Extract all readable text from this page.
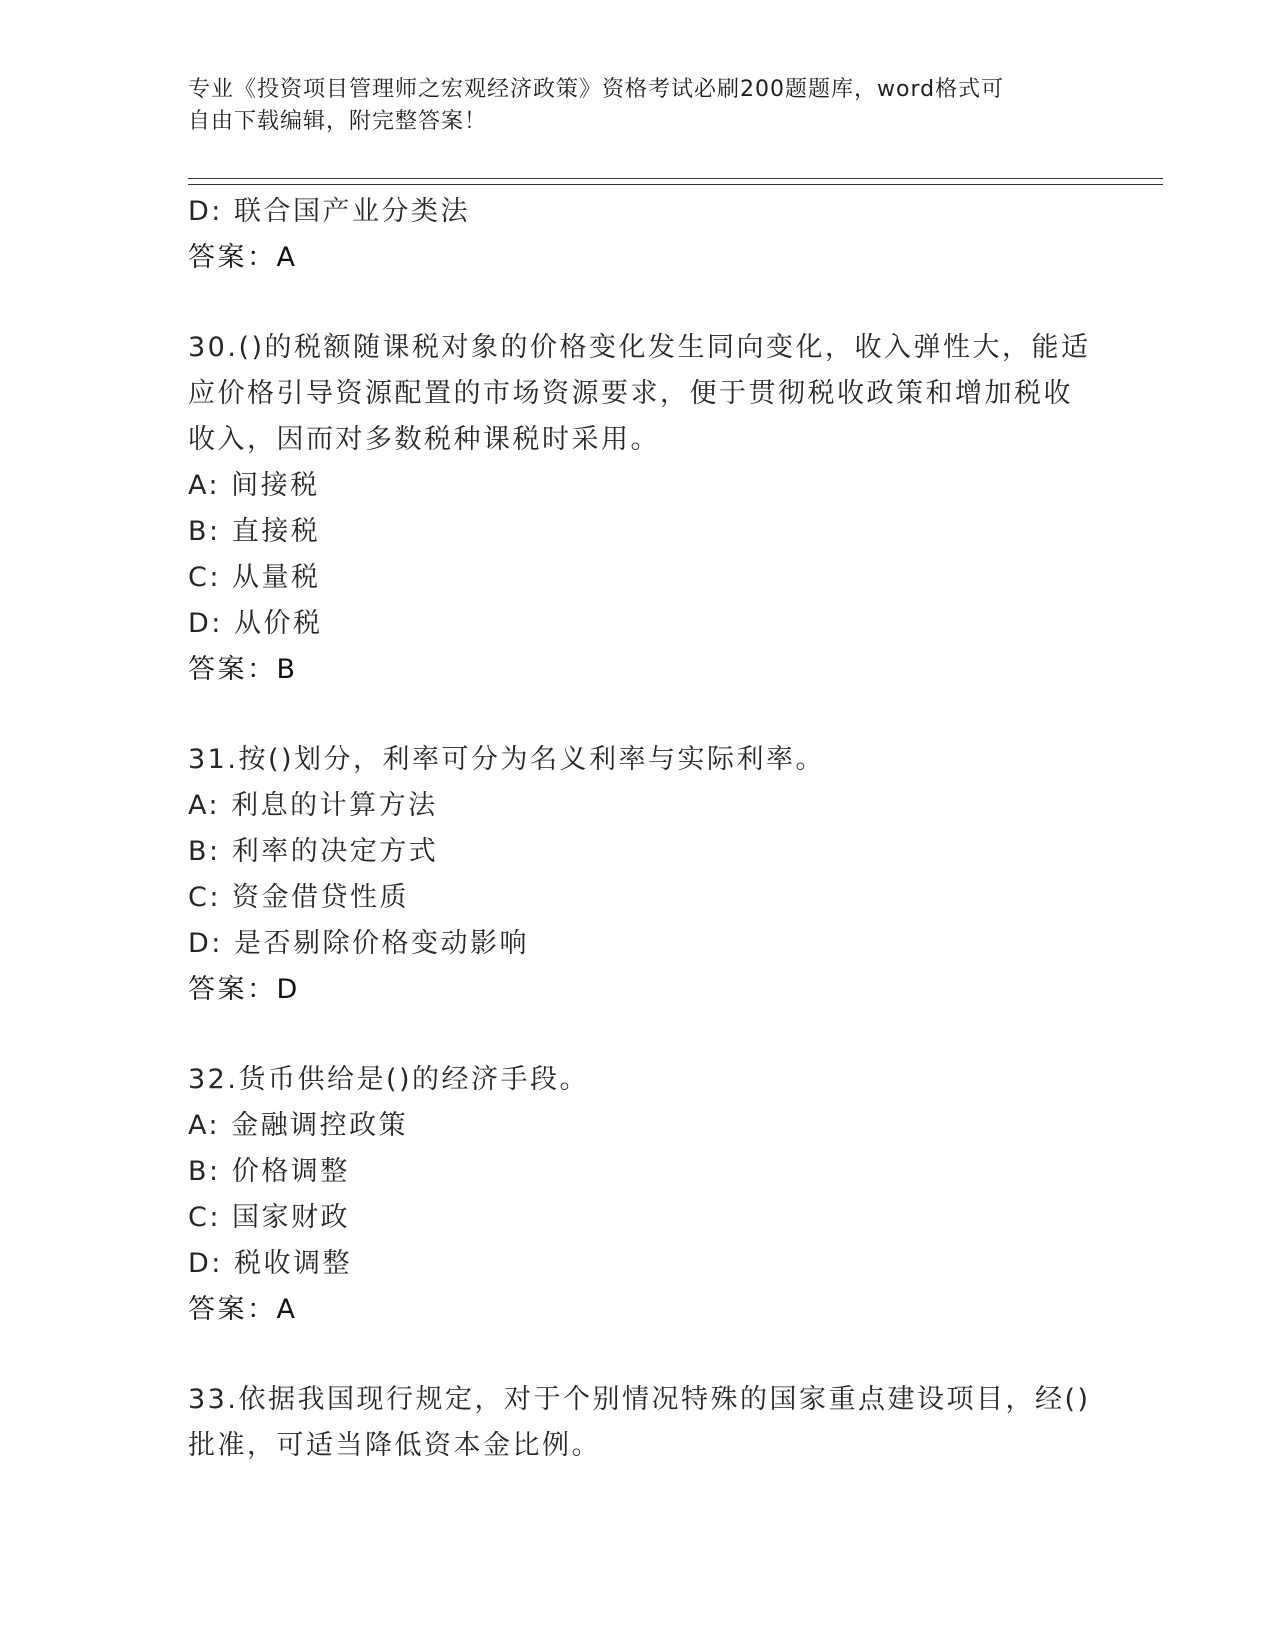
专业《投资项目管理师之宏观经济政策》资格考试必刷200题题库，word格式可
自由下载编辑，附完整答案！
D: 联合国产业分类法
答案：A
30.()的税额随课税对象的价格变化发生同向变化，收入弹性大，能适
应价格引导资源配置的市场资源要求，便于贯彻税收政策和增加税收
收入，因而对多数税种课税时采用。
A: 间接税
B: 直接税
C: 从量税
D: 从价税
答案：B
31.按()划分，利率可分为名义利率与实际利率。
A: 利息的计算方法
B: 利率的决定方式
C: 资金借贷性质
D: 是否剔除价格变动影响
答案：D
32.货币供给是()的经济手段。
A: 金融调控政策
B: 价格调整
C: 国家财政
D: 税收调整
答案：A
33.依据我国现行规定，对于个别情况特殊的国家重点建设项目，经()
批准，可适当降低资本金比例。
